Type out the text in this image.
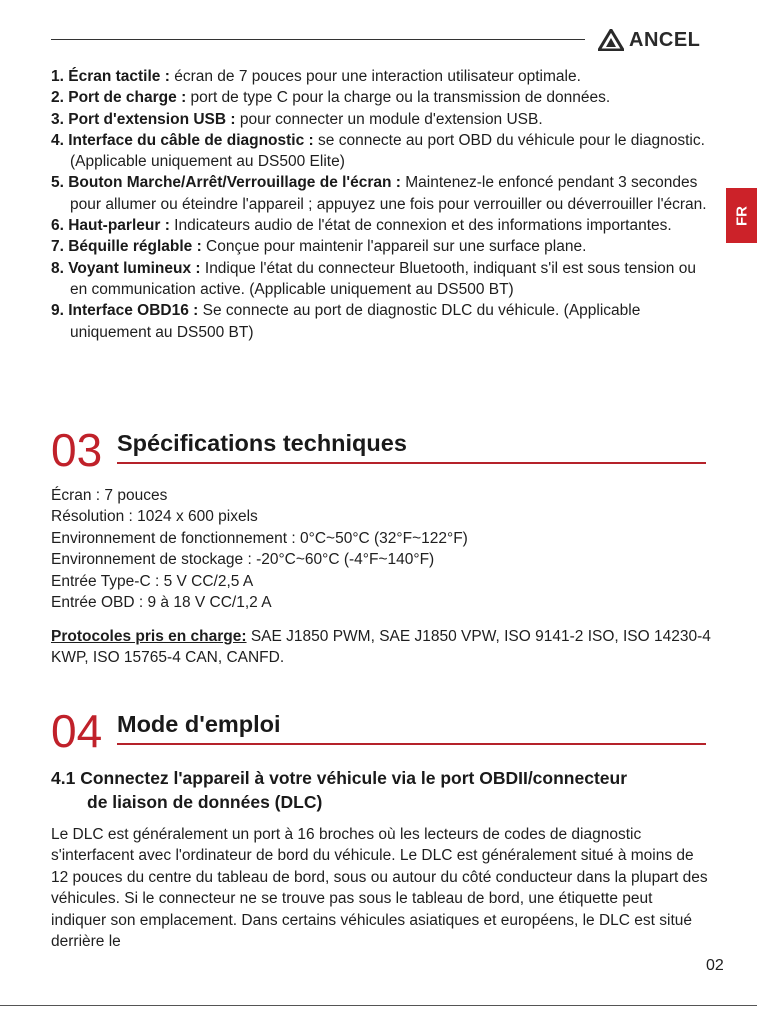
ANCEL
FR
1. Écran tactile : écran de 7 pouces pour une interaction utilisateur optimale.
2. Port de charge : port de type C pour la charge ou la transmission de données.
3. Port d'extension USB : pour connecter un module d'extension USB.
4. Interface du câble de diagnostic : se connecte au port OBD du véhicule pour le diagnostic. (Applicable uniquement au DS500 Elite)
5. Bouton Marche/Arrêt/Verrouillage de l'écran : Maintenez-le enfoncé pendant 3 secondes pour allumer ou éteindre l'appareil ; appuyez une fois pour verrouiller ou déverrouiller l'écran.
6. Haut-parleur : Indicateurs audio de l'état de connexion et des informations importantes.
7. Béquille réglable : Conçue pour maintenir l'appareil sur une surface plane.
8. Voyant lumineux : Indique l'état du connecteur Bluetooth, indiquant s'il est sous tension ou en communication active. (Applicable uniquement au DS500 BT)
9. Interface OBD16 : Se connecte au port de diagnostic DLC du véhicule. (Applicable uniquement au DS500 BT)
03 Spécifications techniques
Écran : 7 pouces
Résolution : 1024 x 600 pixels
Environnement de fonctionnement : 0°C~50°C (32°F~122°F)
Environnement de stockage : -20°C~60°C (-4°F~140°F)
Entrée Type-C : 5 V CC/2,5 A
Entrée OBD : 9 à 18 V CC/1,2 A
Protocoles pris en charge: SAE J1850 PWM, SAE J1850 VPW, ISO 9141-2 ISO, ISO 14230-4 KWP, ISO 15765-4 CAN, CANFD.
04 Mode d'emploi
4.1 Connectez l'appareil à votre véhicule via le port OBDII/connecteur
de liaison de données (DLC)
Le DLC est généralement un port à 16 broches où les lecteurs de codes de diagnostic s'interfacent avec l'ordinateur de bord du véhicule. Le DLC est généralement situé à moins de 12 pouces du centre du tableau de bord, sous ou autour du côté conducteur dans la plupart des véhicules. Si le connecteur ne se trouve pas sous le tableau de bord, une étiquette peut indiquer son emplacement. Dans certains véhicules asiatiques et européens, le DLC est situé derrière le
02
